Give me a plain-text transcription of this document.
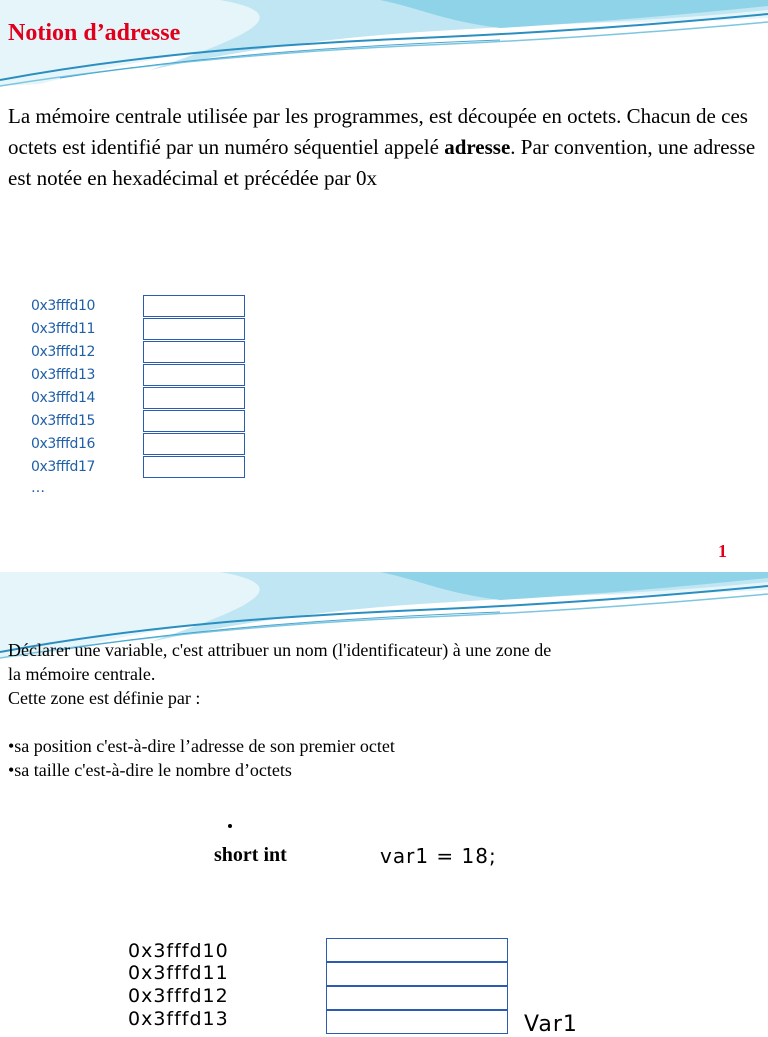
Notion d’adresse

La mémoire centrale utilisée par les programmes, est découpée en octets. Chacun de ces octets est identifié par un numéro séquentiel appelé adresse. Par convention, une adresse est notée en hexadécimal et précédée par 0x

0x3fffd10
0x3fffd11
0x3fffd12
0x3fffd13
0x3fffd14
0x3fffd15
0x3fffd16
0x3fffd17
…
1
Déclarer une variable, c'est attribuer un nom (l'identificateur) à une zone de
la mémoire centrale.
Cette zone est définie par :
•sa position c'est-à-dire l’adresse de son premier octet
•sa taille c'est-à-dire le nombre d’octets
short int	var1 = 18;
0x3fffd10
0x3fffd11
0x3fffd12
0x3fffd13	Var1
